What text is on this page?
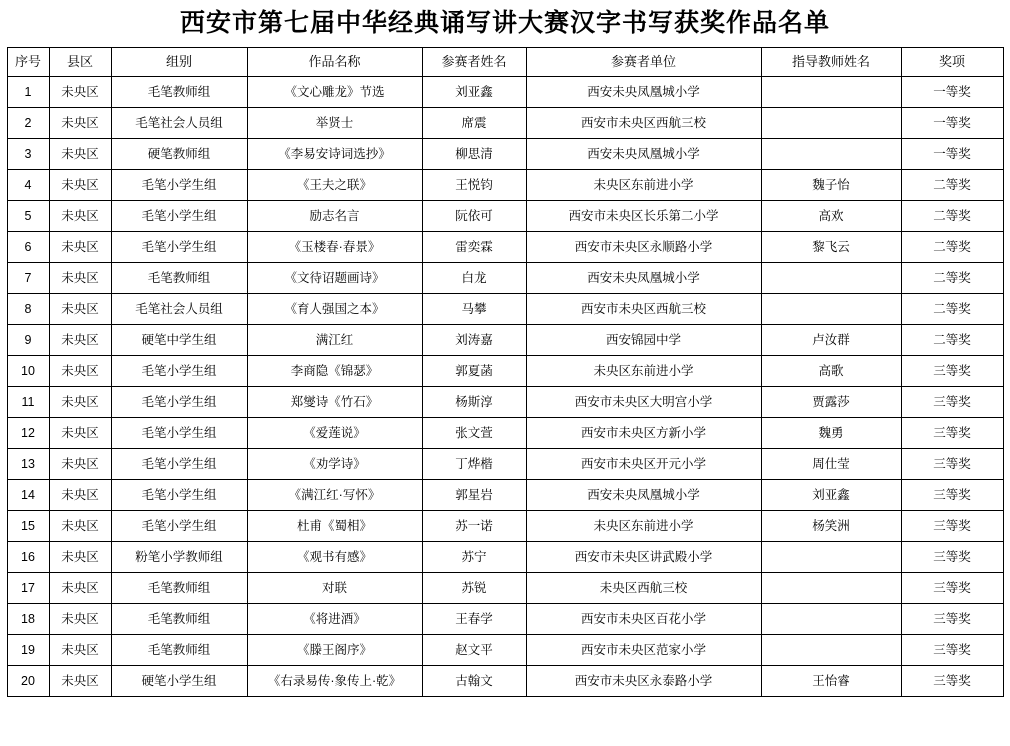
西安市第七届中华经典诵写讲大赛汉字书写获奖作品名单
序号	县区	组别	作品名称	参赛者姓名	参赛者单位	指导教师姓名	奖项
1	未央区	毛笔教师组	《文心雕龙》节选	刘亚鑫	西安未央凤凰城小学		一等奖
2	未央区	毛笔社会人员组	举贤士	席震	西安市未央区西航三校		一等奖
3	未央区	硬笔教师组	《李易安诗词选抄》	柳思清	西安未央凤凰城小学		一等奖
4	未央区	毛笔小学生组	《王夫之联》	王悦钧	未央区东前进小学	魏子怡	二等奖
5	未央区	毛笔小学生组	励志名言	阮依可	西安市未央区长乐第二小学	高欢	二等奖
6	未央区	毛笔小学生组	《玉楼春·春景》	雷奕霖	西安市未央区永顺路小学	黎飞云	二等奖
7	未央区	毛笔教师组	《文待诏题画诗》	白龙	西安未央凤凰城小学		二等奖
8	未央区	毛笔社会人员组	《育人强国之本》	马攀	西安市未央区西航三校		二等奖
9	未央区	硬笔中学生组	满江红	刘涛嘉	西安锦园中学	卢汝群	二等奖
10	未央区	毛笔小学生组	李商隐《锦瑟》	郭夏菡	未央区东前进小学	高歌	三等奖
11	未央区	毛笔小学生组	郑燮诗《竹石》	杨斯淳	西安市未央区大明宫小学	贾露莎	三等奖
12	未央区	毛笔小学生组	《爱莲说》	张文萱	西安市未央区方新小学	魏勇	三等奖
13	未央区	毛笔小学生组	《劝学诗》	丁烨楷	西安市未央区开元小学	周仕莹	三等奖
14	未央区	毛笔小学生组	《满江红·写怀》	郭星岩	西安未央凤凰城小学	刘亚鑫	三等奖
15	未央区	毛笔小学生组	杜甫《蜀相》	苏一诺	未央区东前进小学	杨笑洲	三等奖
16	未央区	粉笔小学教师组	《观书有感》	苏宁	西安市未央区讲武殿小学		三等奖
17	未央区	毛笔教师组	对联	苏锐	未央区西航三校		三等奖
18	未央区	毛笔教师组	《将进酒》	王春学	西安市未央区百花小学		三等奖
19	未央区	毛笔教师组	《滕王阁序》	赵文平	西安市未央区范家小学		三等奖
20	未央区	硬笔小学生组	《右录易传·象传上·乾》	古翰文	西安市未央区永泰路小学	王怡睿	三等奖
